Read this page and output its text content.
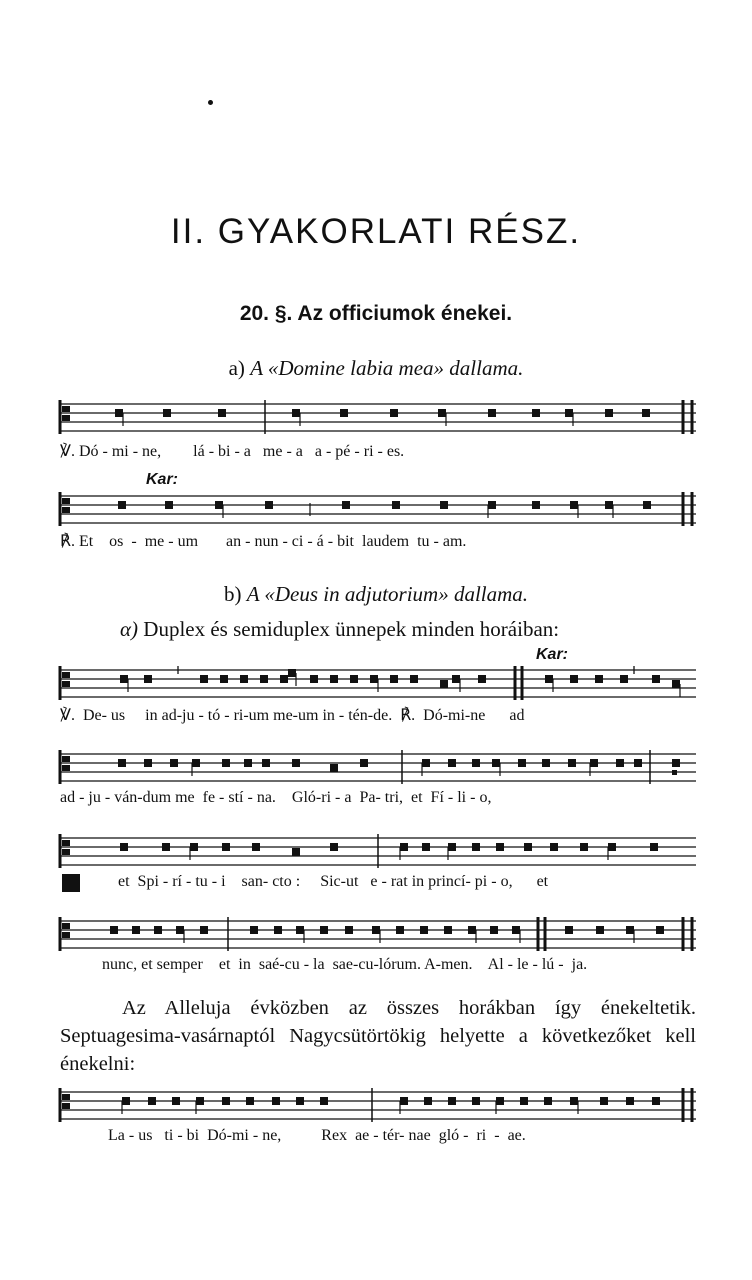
II. GYAKORLATI RÉSZ.
20. §. Az officiumok énekei.
a) A «Domine labia mea» dallama.
℣. Dó - mi - ne,        lá - bi - a   me - a   a - pé - ri - es.
Kar:
℟. Et    os  -  me - um       an - nun - ci - á - bit  laudem  tu - am.
b) A «Deus in adjutorium» dallama.
α) Duplex és semiduplex ünnepek minden horáiban:
Kar:
℣.  De- us     in ad-ju - tó - ri-um me-um in - tén-de.  ℟.  Dó-mi-ne      ad
ad - ju - ván-dum me  fe - stí - na.    Gló-ri - a  Pa- tri,  et  Fí - li - o,
et  Spi - rí - tu - i    san- cto :     Sic-ut   e - rat in princí- pi - o,      et
nunc, et semper    et  in  saé-cu - la  sae-cu-lórum. A-men.    Al - le - lú -  ja.
Az Alleluja évközben az összes horákban így énekeltetik. Septuagesima-vasárnaptól Nagycsütörtökig helyette a következőket kell énekelni:
La - us   ti - bi  Dó-mi - ne,          Rex  ae - tér- nae  gló -  ri  -  ae.
